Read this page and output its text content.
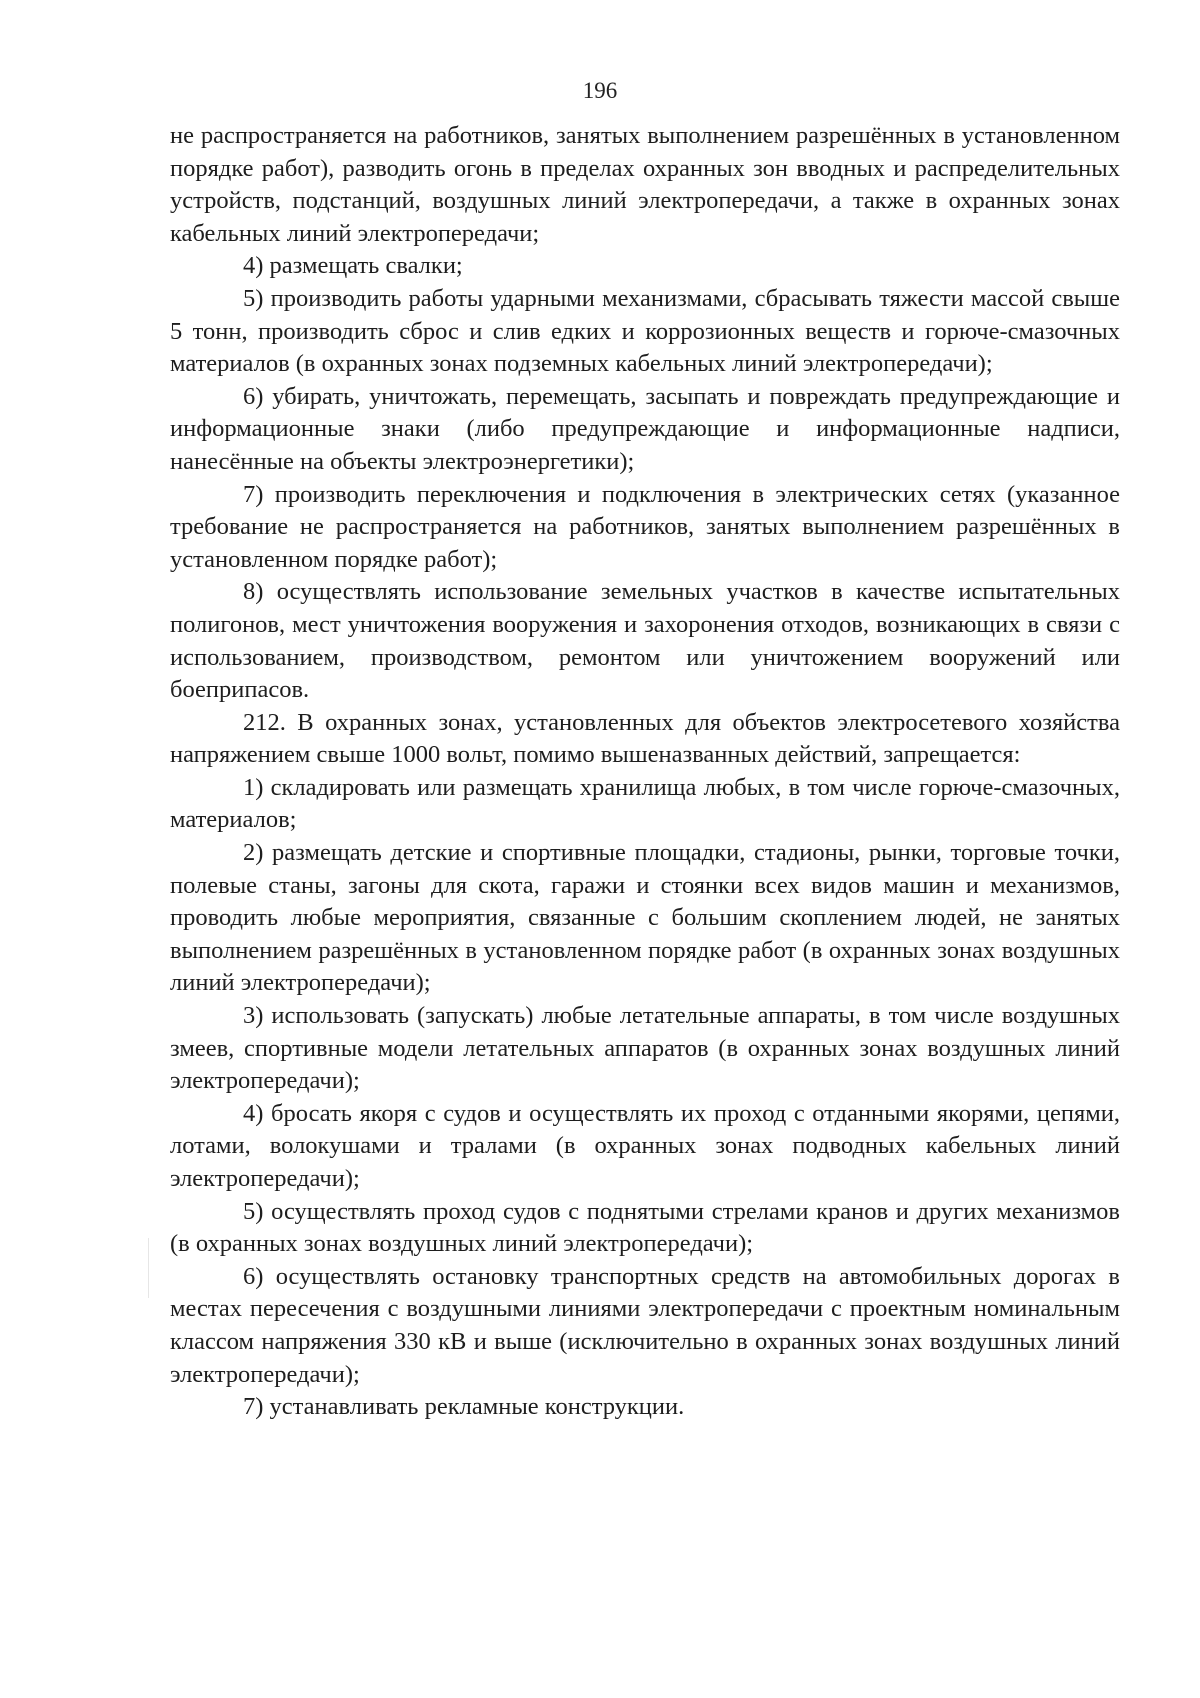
196

не распространяется на работников, занятых выполнением разрешённых в установленном порядке работ), разводить огонь в пределах охранных зон вводных и распределительных устройств, подстанций, воздушных линий электропередачи, а также в охранных зонах кабельных линий электропередачи;

4) размещать свалки;

5) производить работы ударными механизмами, сбрасывать тяжести массой свыше 5 тонн, производить сброс и слив едких и коррозионных веществ и горюче-смазочных материалов (в охранных зонах подземных кабельных линий электропередачи);

6) убирать, уничтожать, перемещать, засыпать и повреждать предупреждающие и информационные знаки (либо предупреждающие и информационные надписи, нанесённые на объекты электроэнергетики);

7) производить переключения и подключения в электрических сетях (указанное требование не распространяется на работников, занятых выполнением разрешённых в установленном порядке работ);

8) осуществлять использование земельных участков в качестве испытательных полигонов, мест уничтожения вооружения и захоронения отходов, возникающих в связи с использованием, производством, ремонтом или уничтожением вооружений или боеприпасов.

212. В охранных зонах, установленных для объектов электросетевого хозяйства напряжением свыше 1000 вольт, помимо вышеназванных действий, запрещается:

1) складировать или размещать хранилища любых, в том числе горюче-смазочных, материалов;

2) размещать детские и спортивные площадки, стадионы, рынки, торговые точки, полевые станы, загоны для скота, гаражи и стоянки всех видов машин и механизмов, проводить любые мероприятия, связанные с большим скоплением людей, не занятых выполнением разрешённых в установленном порядке работ (в охранных зонах воздушных линий электропередачи);

3) использовать (запускать) любые летательные аппараты, в том числе воздушных змеев, спортивные модели летательных аппаратов (в охранных зонах воздушных линий электропередачи);

4) бросать якоря с судов и осуществлять их проход с отданными якорями, цепями, лотами, волокушами и тралами (в охранных зонах подводных кабельных линий электропередачи);

5) осуществлять проход судов с поднятыми стрелами кранов и других механизмов (в охранных зонах воздушных линий электропередачи);

6) осуществлять остановку транспортных средств на автомобильных дорогах в местах пересечения с воздушными линиями электропередачи с проектным номинальным классом напряжения 330 кВ и выше (исключительно в охранных зонах воздушных линий электропередачи);

7) устанавливать рекламные конструкции.
